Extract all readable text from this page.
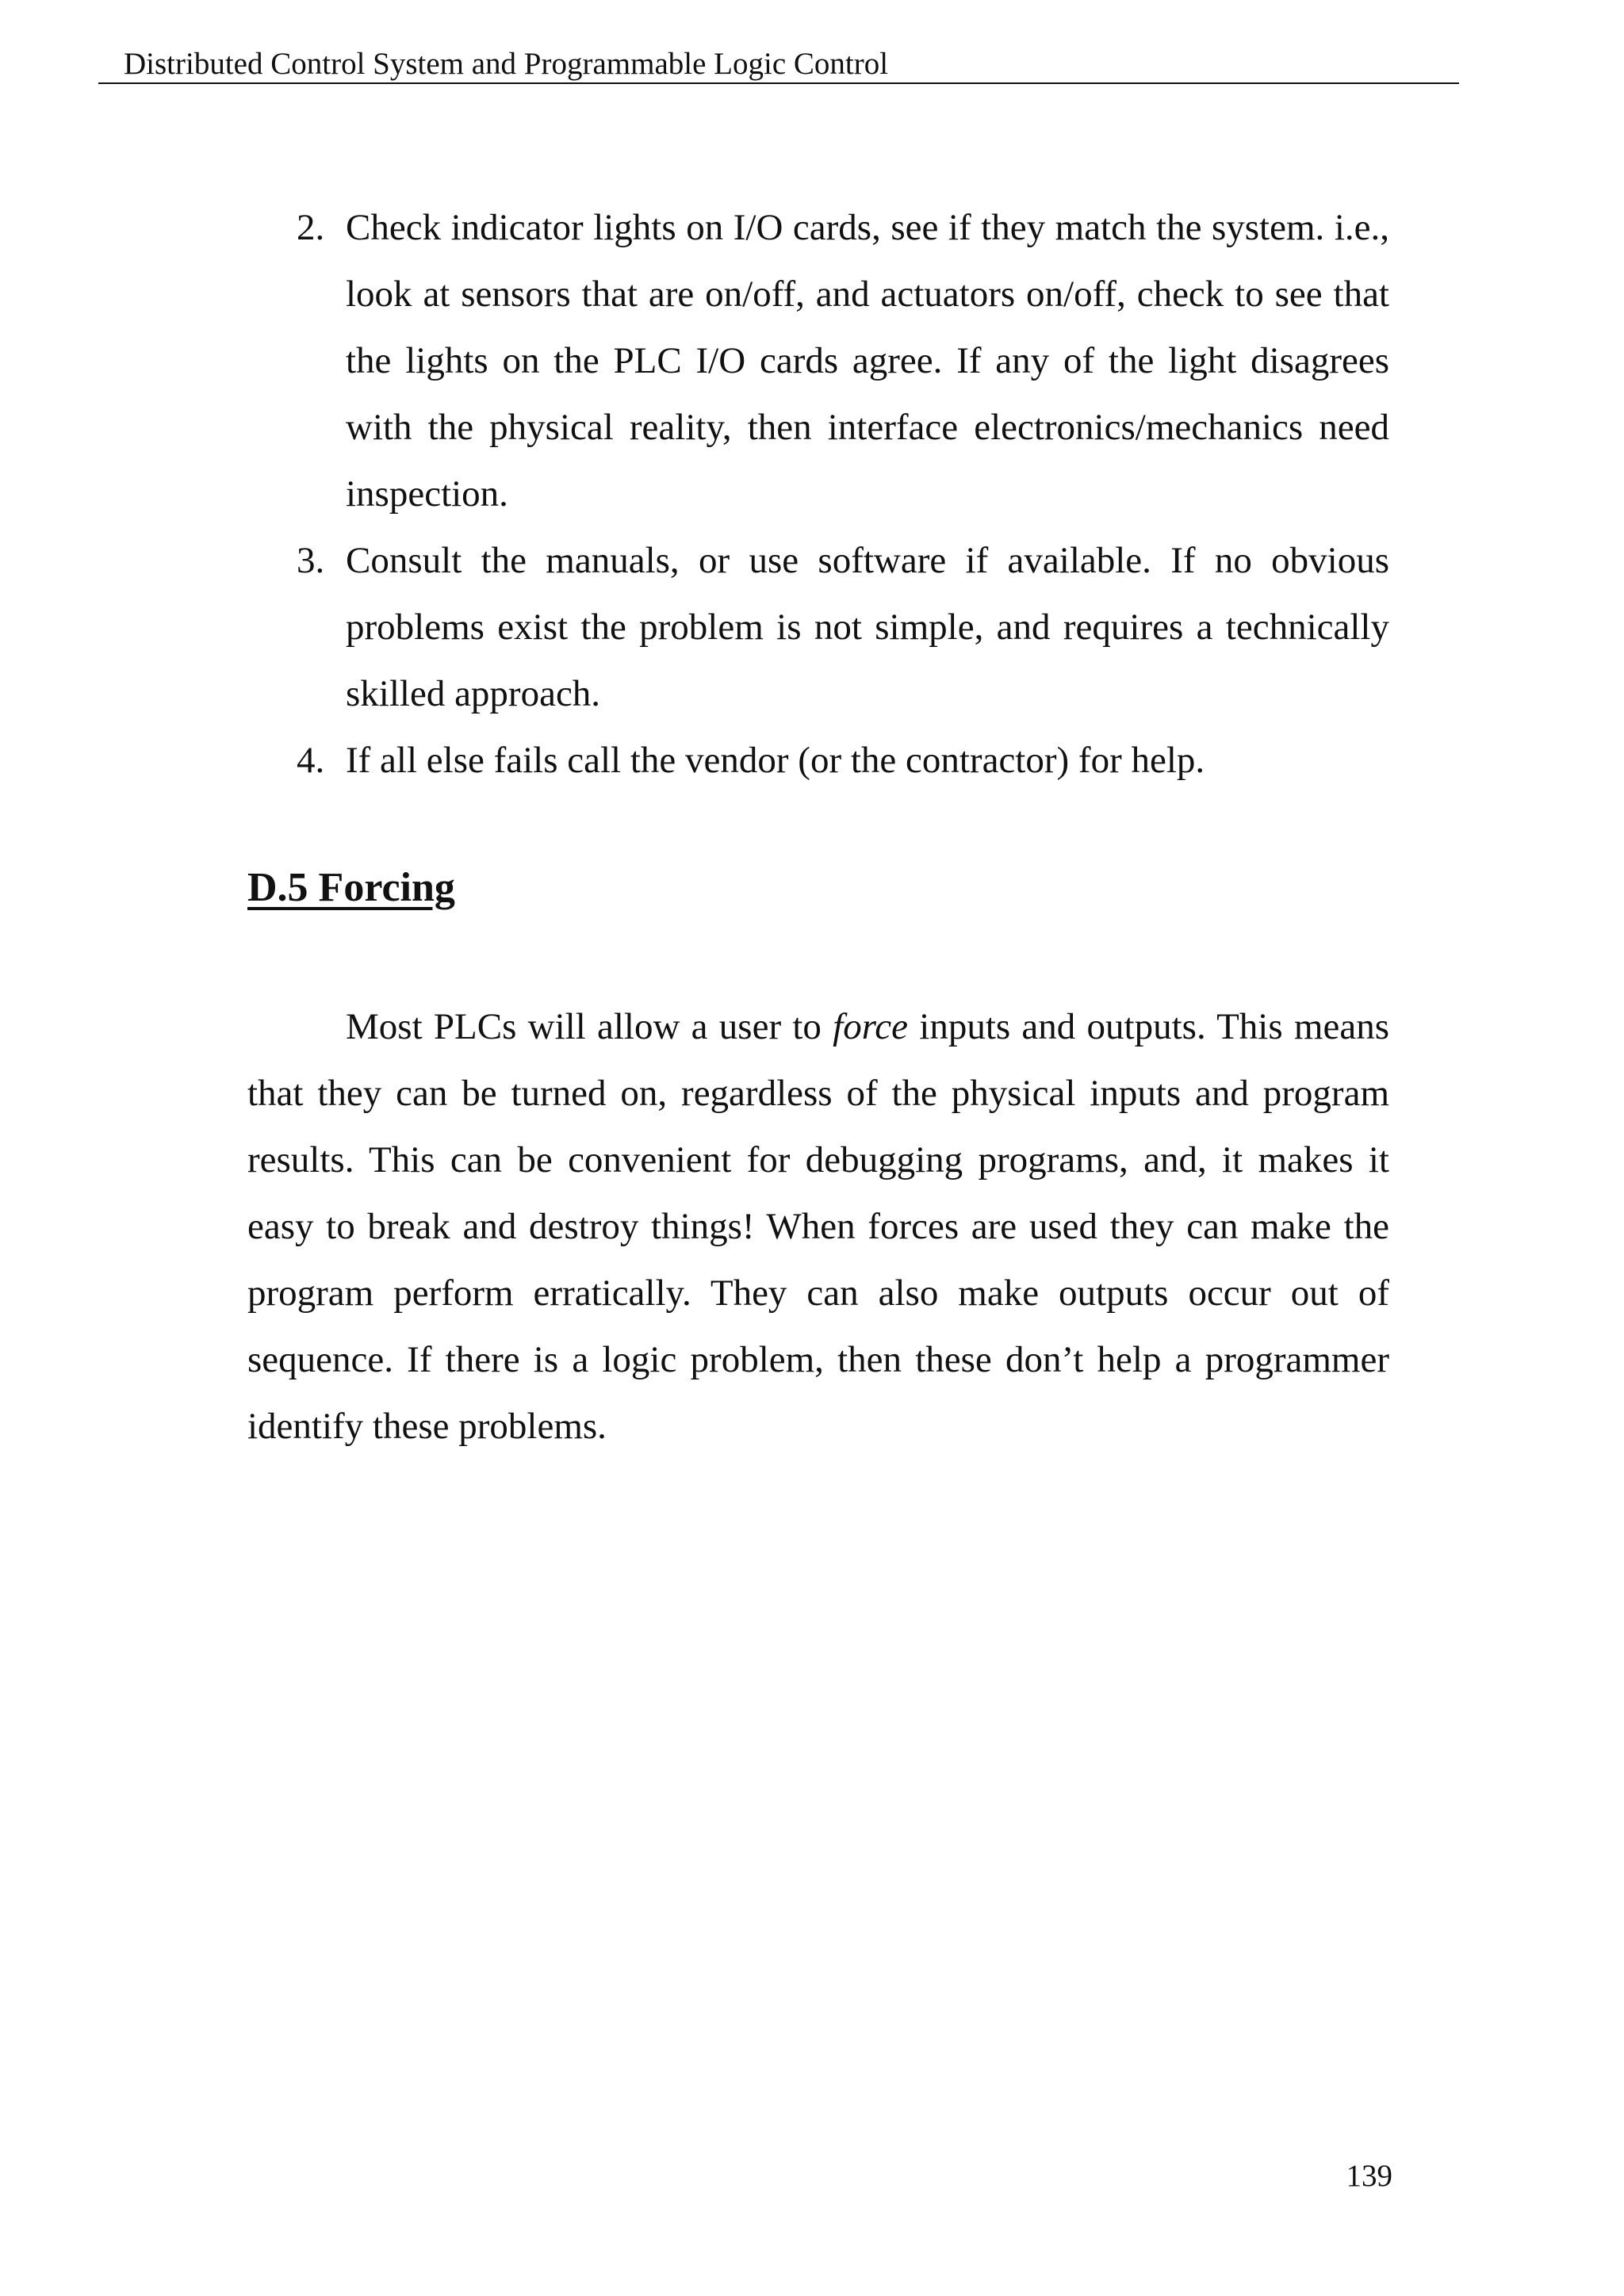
Distributed Control System and Programmable Logic Control
2. Check indicator lights on I/O cards, see if they match the system. i.e., look at sensors that are on/off, and actuators on/off, check to see that the lights on the PLC I/O cards agree. If any of the light disagrees with the physical reality, then interface electronics/mechanics need inspection.
3. Consult the manuals, or use software if available. If no obvious problems exist the problem is not simple, and requires a technically skilled approach.
4. If all else fails call the vendor (or the contractor) for help.
D.5 Forcing

Most PLCs will allow a user to force inputs and outputs. This means that they can be turned on, regardless of the physical inputs and program results. This can be convenient for debugging programs, and, it makes it easy to break and destroy things! When forces are used they can make the program perform erratically. They can also make outputs occur out of sequence. If there is a logic problem, then these don’t help a programmer identify these problems.

139
